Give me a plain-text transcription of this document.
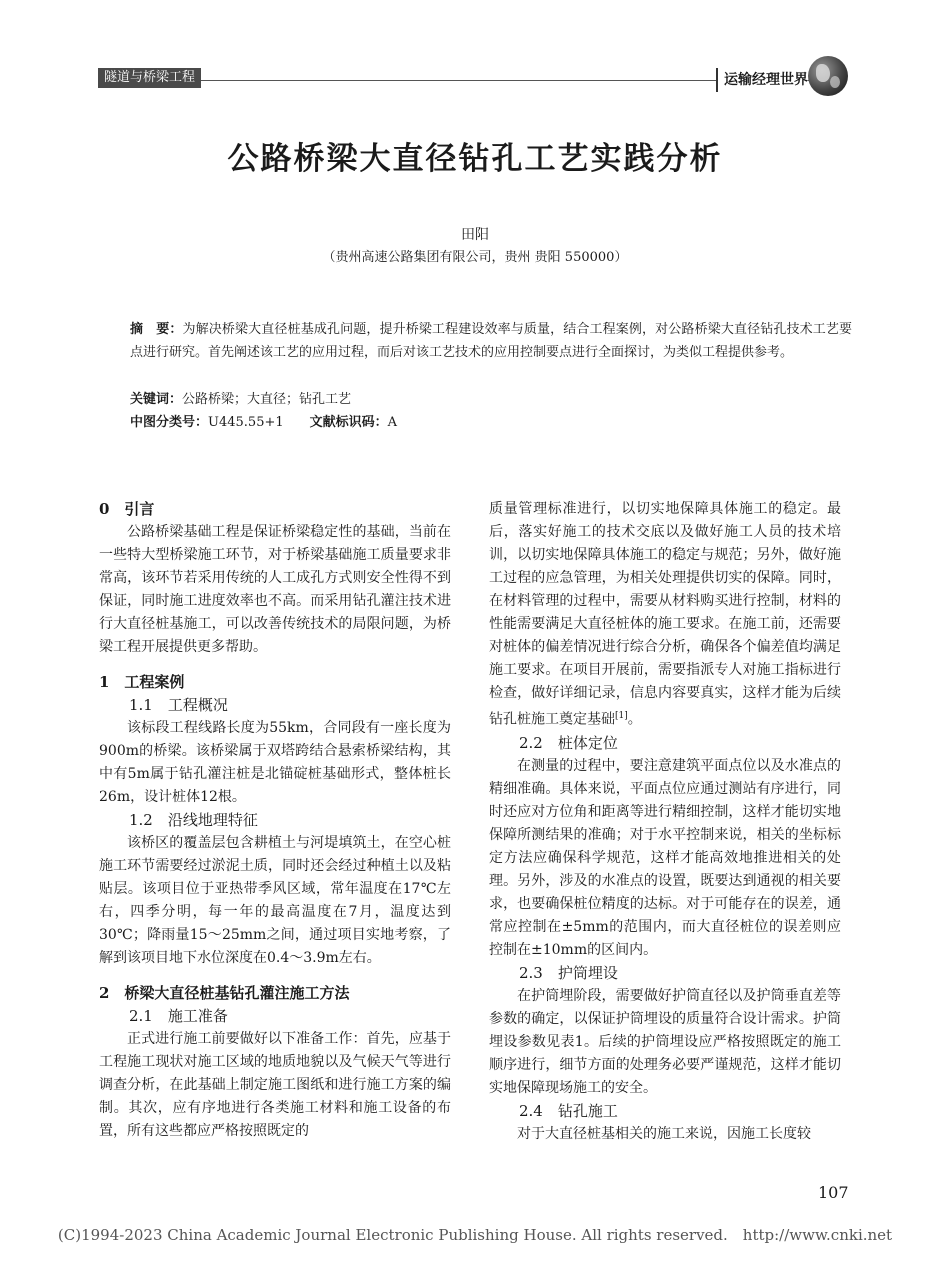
隧道与桥梁工程	运输经理世界
公路桥梁大直径钻孔工艺实践分析
田阳
（贵州高速公路集团有限公司，贵州 贵阳 550000）
摘　要：为解决桥梁大直径桩基成孔问题，提升桥梁工程建设效率与质量，结合工程案例，对公路桥梁大直径钻孔技术工艺要点进行研究。首先阐述该工艺的应用过程，而后对该工艺技术的应用控制要点进行全面探讨，为类似工程提供参考。
关键词：公路桥梁；大直径；钻孔工艺
中图分类号：U445.55+1 文献标识码：A
0　引言

公路桥梁基础工程是保证桥梁稳定性的基础，当前在一些特大型桥梁施工环节，对于桥梁基础施工质量要求非常高，该环节若采用传统的人工成孔方式则安全性得不到保证，同时施工进度效率也不高。而采用钻孔灌注技术进行大直径桩基施工，可以改善传统技术的局限问题，为桥梁工程开展提供更多帮助。

1　工程案例
1.1　工程概况

该标段工程线路长度为55km，合同段有一座长度为900m的桥梁。该桥梁属于双塔跨结合悬索桥梁结构，其中有5m属于钻孔灌注桩是北锚碇桩基础形式，整体桩长26m，设计桩体12根。

1.2　沿线地理特征

该桥区的覆盖层包含耕植土与河堤填筑土，在空心桩施工环节需要经过淤泥土质，同时还会经过种植土以及粘贴层。该项目位于亚热带季风区域，常年温度在17℃左右，四季分明，每一年的最高温度在7月，温度达到30℃；降雨量15～25mm之间，通过项目实地考察，了解到该项目地下水位深度在0.4～3.9m左右。

2　桥梁大直径桩基钻孔灌注施工方法
2.1　施工准备

正式进行施工前要做好以下准备工作：首先，应基于工程施工现状对施工区域的地质地貌以及气候天气等进行调查分析，在此基础上制定施工图纸和进行施工方案的编制。其次，应有序地进行各类施工材料和施工设备的布置，所有这些都应严格按照既定的

质量管理标准进行，以切实地保障具体施工的稳定。最后，落实好施工的技术交底以及做好施工人员的技术培训，以切实地保障具体施工的稳定与规范；另外，做好施工过程的应急管理，为相关处理提供切实的保障。同时，在材料管理的过程中，需要从材料购买进行控制，材料的性能需要满足大直径桩体的施工要求。在施工前，还需要对桩体的偏差情况进行综合分析，确保各个偏差值均满足施工要求。在项目开展前，需要指派专人对施工指标进行检查，做好详细记录，信息内容要真实，这样才能为后续钻孔桩施工奠定基础[1]。

2.2　桩体定位

在测量的过程中，要注意建筑平面点位以及水准点的精细准确。具体来说，平面点位应通过测站有序进行，同时还应对方位角和距离等进行精细控制，这样才能切实地保障所测结果的准确；对于水平控制来说，相关的坐标标定方法应确保科学规范，这样才能高效地推进相关的处理。另外，涉及的水准点的设置，既要达到通视的相关要求，也要确保桩位精度的达标。对于可能存在的误差，通常应控制在±5mm的范围内，而大直径桩位的误差则应控制在±10mm的区间内。

2.3　护筒埋设

在护筒埋阶段，需要做好护筒直径以及护筒垂直差等参数的确定，以保证护筒埋设的质量符合设计需求。护筒埋设参数见表1。后续的护筒埋设应严格按照既定的施工顺序进行，细节方面的处理务必要严谨规范，这样才能切实地保障现场施工的安全。

2.4　钻孔施工

对于大直径桩基相关的施工来说，因施工长度较

107
(C)1994-2023 China Academic Journal Electronic Publishing House. All rights reserved.　http://www.cnki.net
